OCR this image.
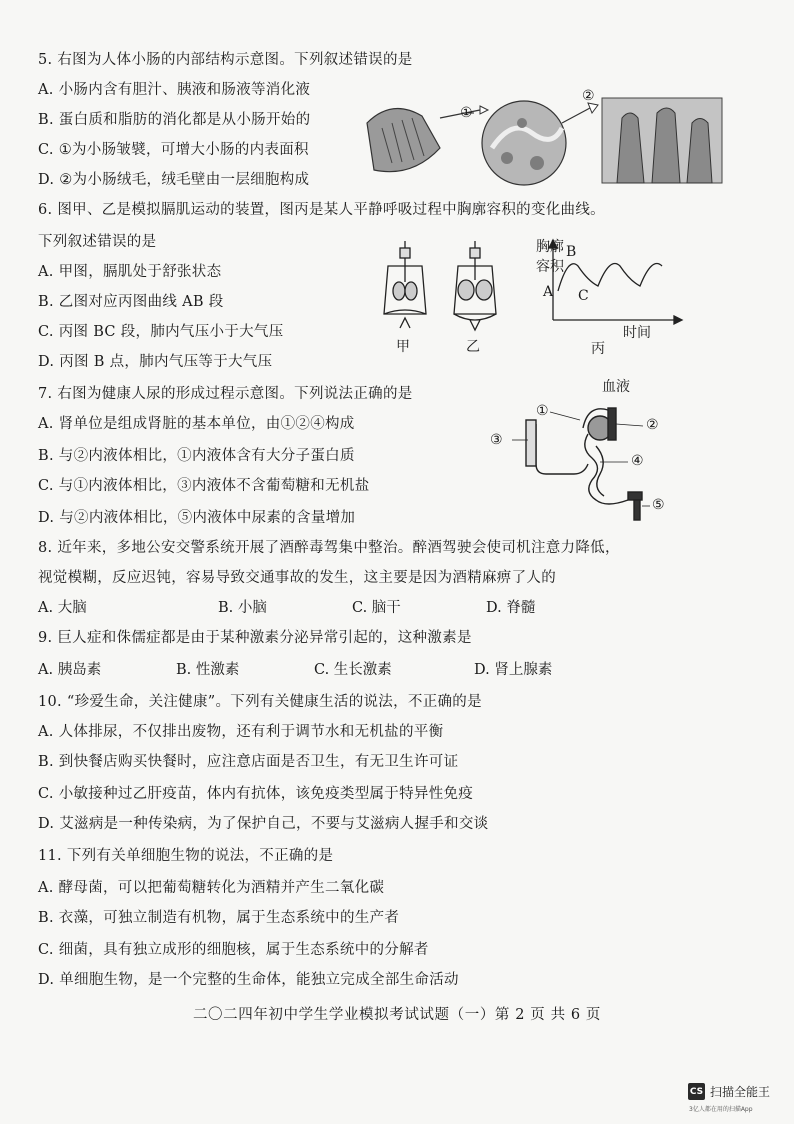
5. 右图为人体小肠的内部结构示意图。下列叙述错误的是
A. 小肠内含有胆汁、胰液和肠液等消化液
B. 蛋白质和脂肪的消化都是从小肠开始的
C. ①为小肠皱襞，可增大小肠的内表面积
D. ②为小肠绒毛，绒毛壁由一层细胞构成
①
②
6. 图甲、乙是模拟膈肌运动的装置，图丙是某人平静呼吸过程中胸廓容积的变化曲线。
下列叙述错误的是
A. 甲图，膈肌处于舒张状态
B. 乙图对应丙图曲线 AB 段
C. 丙图 BC 段，肺内气压小于大气压
D. 丙图 B 点，肺内气压等于大气压
甲	乙	丙
胸廓
容积
时间
A
B
C
7. 右图为健康人尿的形成过程示意图。下列说法正确的是
A. 肾单位是组成肾脏的基本单位，由①②④构成
B. 与②内液体相比，①内液体含有大分子蛋白质
C. 与①内液体相比，③内液体不含葡萄糖和无机盐
D. 与②内液体相比，⑤内液体中尿素的含量增加
血液
①
②
③
④
⑤
8. 近年来，多地公安交警系统开展了酒醉毒驾集中整治。醉酒驾驶会使司机注意力降低，
视觉模糊，反应迟钝，容易导致交通事故的发生，这主要是因为酒精麻痹了人的
A. 大脑	B. 小脑	C. 脑干	D. 脊髓
9. 巨人症和侏儒症都是由于某种激素分泌异常引起的，这种激素是
A. 胰岛素	B. 性激素	C. 生长激素	D. 肾上腺素
10. “珍爱生命，关注健康”。下列有关健康生活的说法，不正确的是
A. 人体排尿，不仅排出废物，还有利于调节水和无机盐的平衡
B. 到快餐店购买快餐时，应注意店面是否卫生，有无卫生许可证
C. 小敏接种过乙肝疫苗，体内有抗体，该免疫类型属于特异性免疫
D. 艾滋病是一种传染病，为了保护自己，不要与艾滋病人握手和交谈
11. 下列有关单细胞生物的说法，不正确的是
A. 酵母菌，可以把葡萄糖转化为酒精并产生二氧化碳
B. 衣藻，可独立制造有机物，属于生态系统中的生产者
C. 细菌，具有独立成形的细胞核，属于生态系统中的分解者
D. 单细胞生物，是一个完整的生命体，能独立完成全部生命活动
二〇二四年初中学生学业模拟考试试题（一）第 2 页 共 6 页
CS 扫描全能王
3亿人都在用的扫描App
